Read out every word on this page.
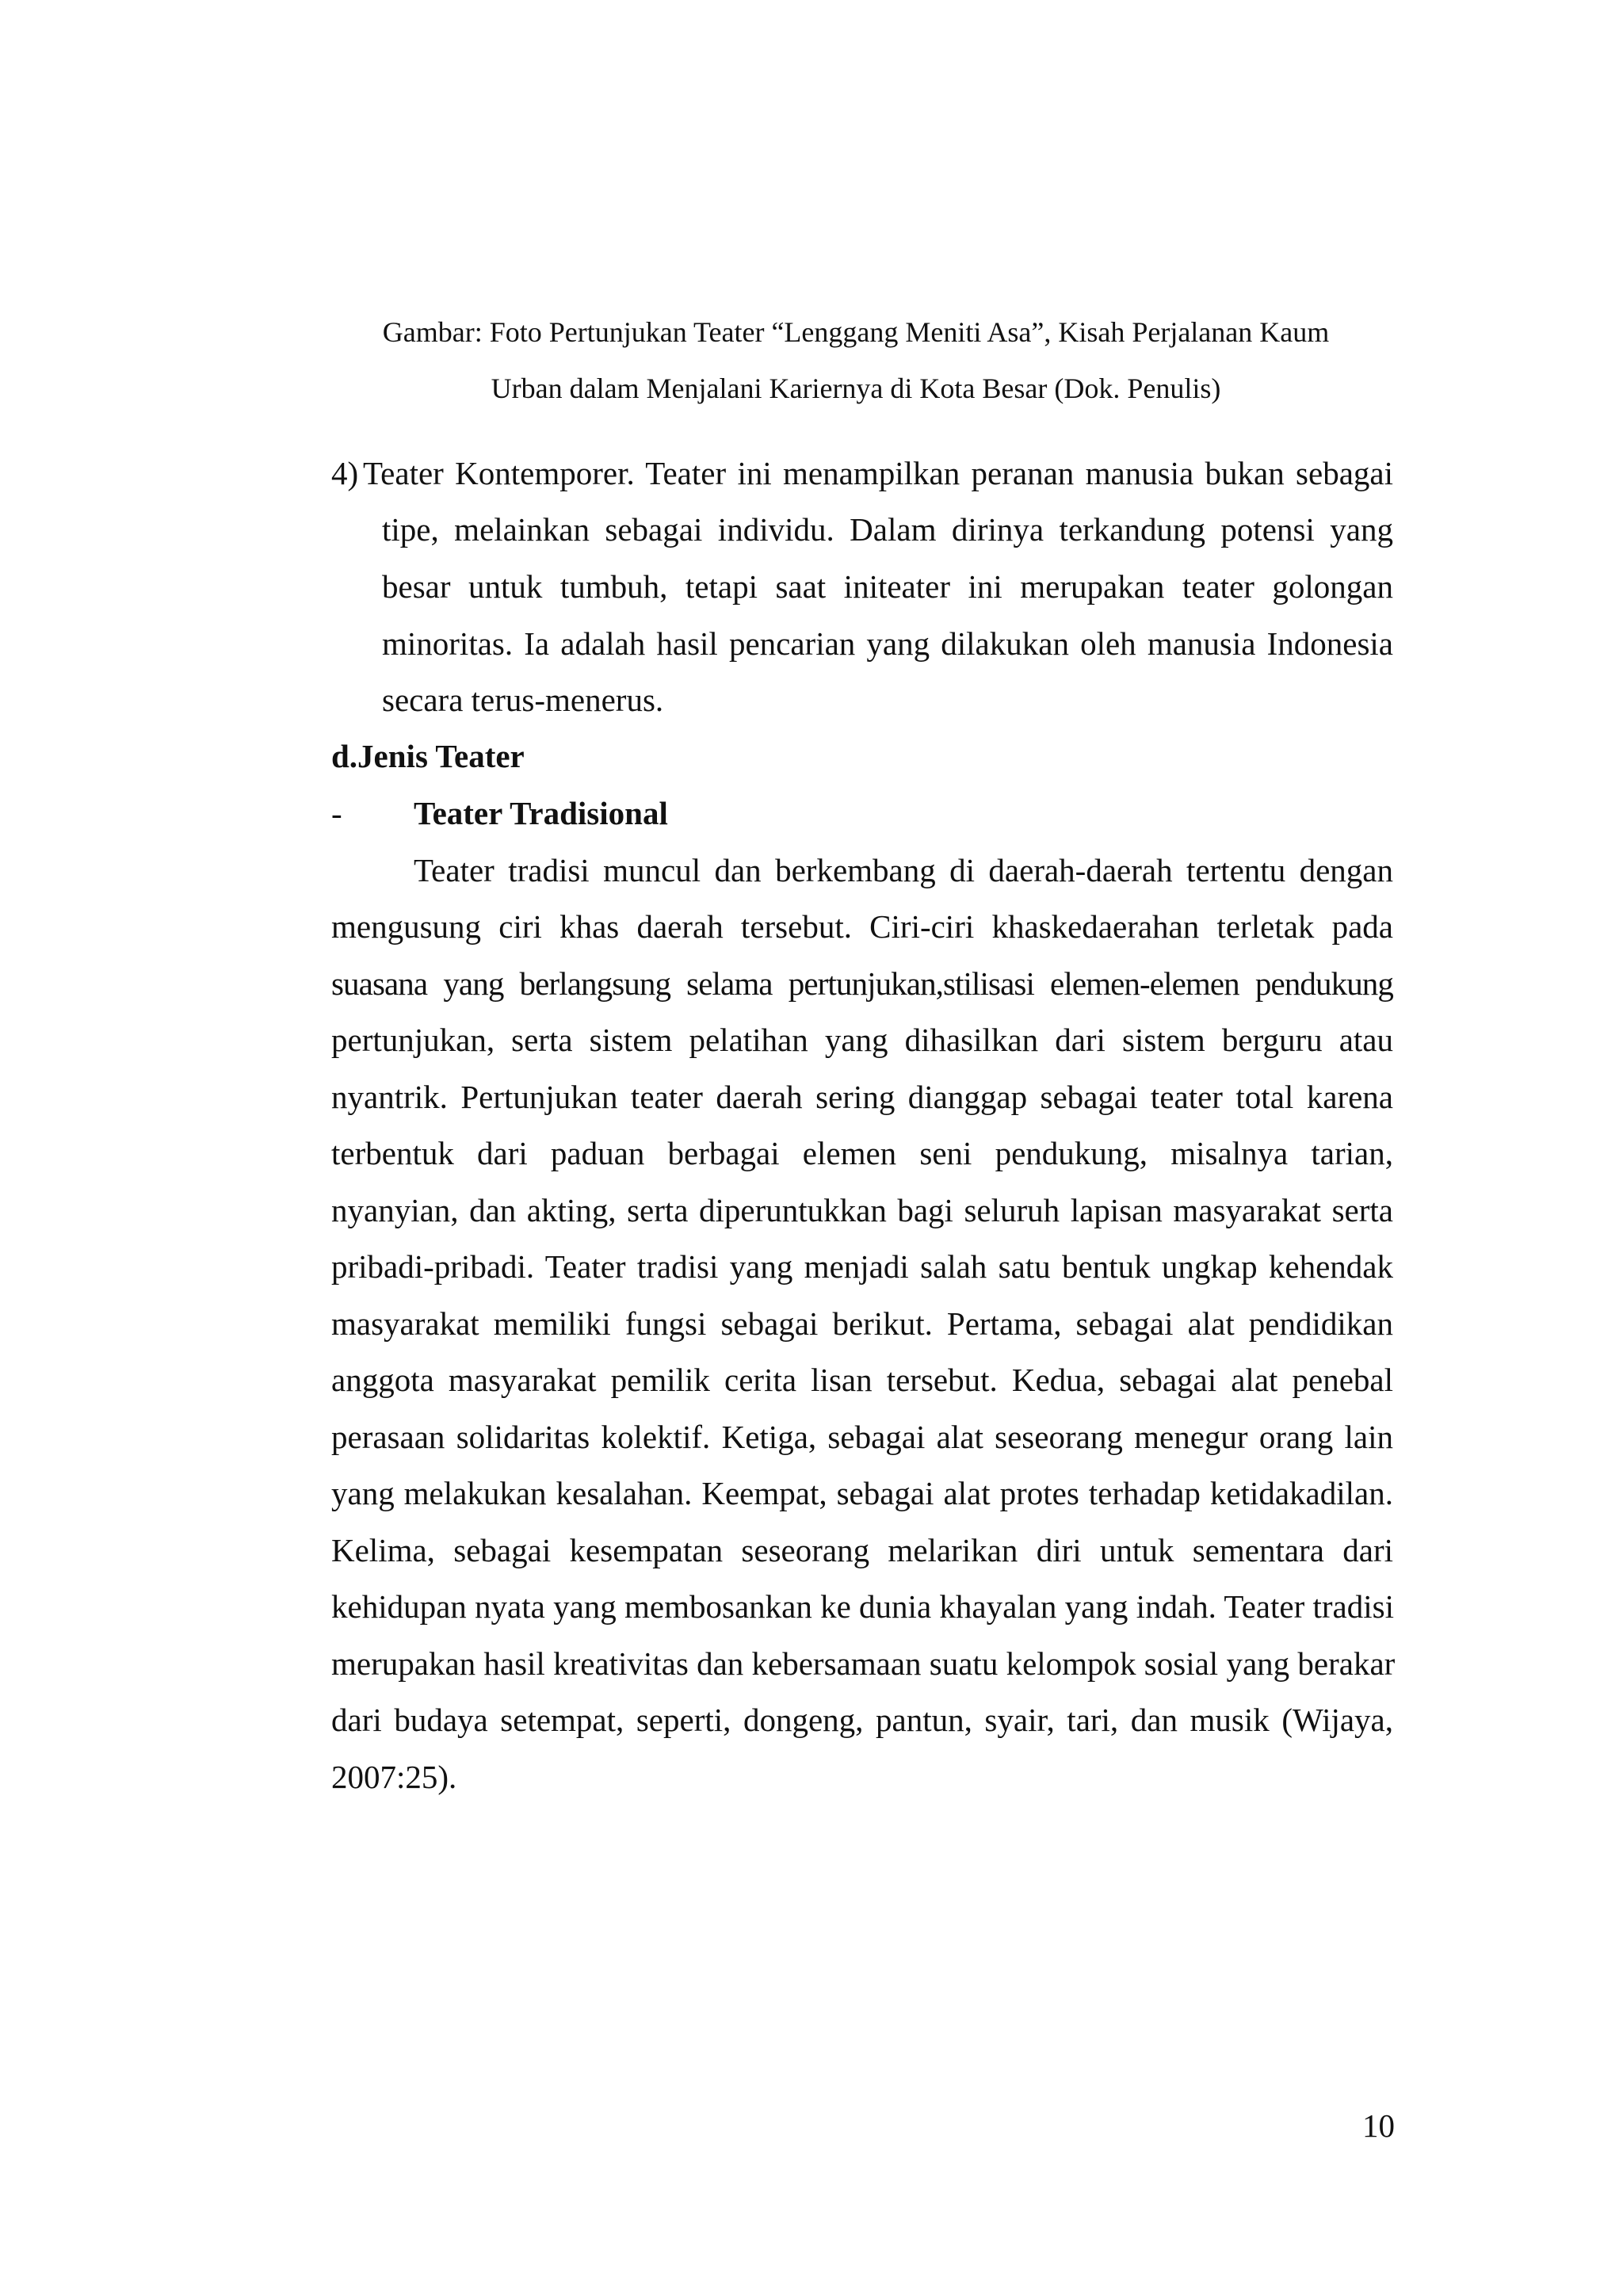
Gambar: Foto Pertunjukan Teater “Lenggang Meniti Asa”, Kisah Perjalanan Kaum
Urban dalam Menjalani Kariernya di Kota Besar (Dok. Penulis)
4) Teater Kontemporer. Teater ini menampilkan peranan manusia bukan sebagai
tipe, melainkan sebagai individu. Dalam dirinya terkandung potensi yang
besar untuk tumbuh, tetapi saat initeater ini merupakan teater golongan
minoritas. Ia adalah hasil pencarian yang dilakukan oleh manusia Indonesia
secara terus-menerus.
d.Jenis Teater
- Teater Tradisional
Teater tradisi muncul dan berkembang di daerah-daerah tertentu dengan
mengusung ciri khas daerah tersebut. Ciri-ciri khaskedaerahan terletak pada
suasana yang berlangsung selama pertunjukan,stilisasi elemen-elemen pendukung
pertunjukan, serta sistem pelatihan yang dihasilkan dari sistem berguru atau
nyantrik. Pertunjukan teater daerah sering dianggap sebagai teater total karena
terbentuk dari paduan berbagai elemen seni pendukung, misalnya tarian,
nyanyian, dan akting, serta diperuntukkan bagi seluruh lapisan masyarakat serta
pribadi-pribadi. Teater tradisi yang menjadi salah satu bentuk ungkap kehendak
masyarakat memiliki fungsi sebagai berikut. Pertama, sebagai alat pendidikan
anggota masyarakat pemilik cerita lisan tersebut. Kedua, sebagai alat penebal
perasaan solidaritas kolektif. Ketiga, sebagai alat seseorang menegur orang lain
yang melakukan kesalahan. Keempat, sebagai alat protes terhadap ketidakadilan.
Kelima, sebagai kesempatan seseorang melarikan diri untuk sementara dari
kehidupan nyata yang membosankan ke dunia khayalan yang indah. Teater tradisi
merupakan hasil kreativitas dan kebersamaan suatu kelompok sosial yang berakar
dari budaya setempat, seperti, dongeng, pantun, syair, tari, dan musik (Wijaya,
2007:25).
10
